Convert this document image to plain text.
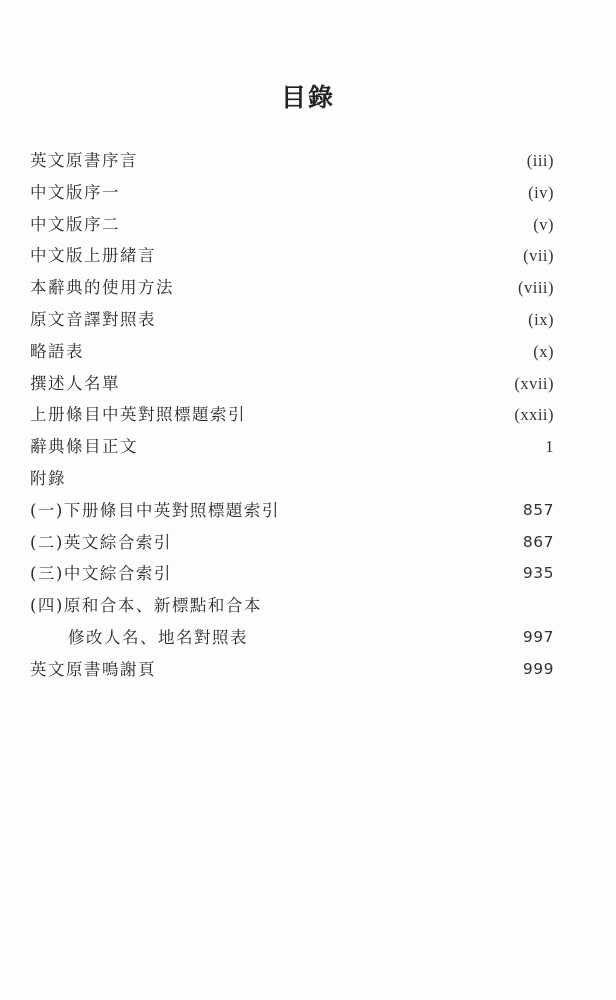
目錄
英文原書序言	(iii)
中文版序一	(iv)
中文版序二	(v)
中文版上册緒言	(vii)
本辭典的使用方法	(viii)
原文音譯對照表	(ix)
略語表	(x)
撰述人名單	(xvii)
上册條目中英對照標題索引	(xxii)
辭典條目正文	1
附錄
(一)下册條目中英對照標題索引	857
(二)英文綜合索引	867
(三)中文綜合索引	935
(四)原和合本、新標點和合本
修改人名、地名對照表	997
英文原書鳴謝頁	999
